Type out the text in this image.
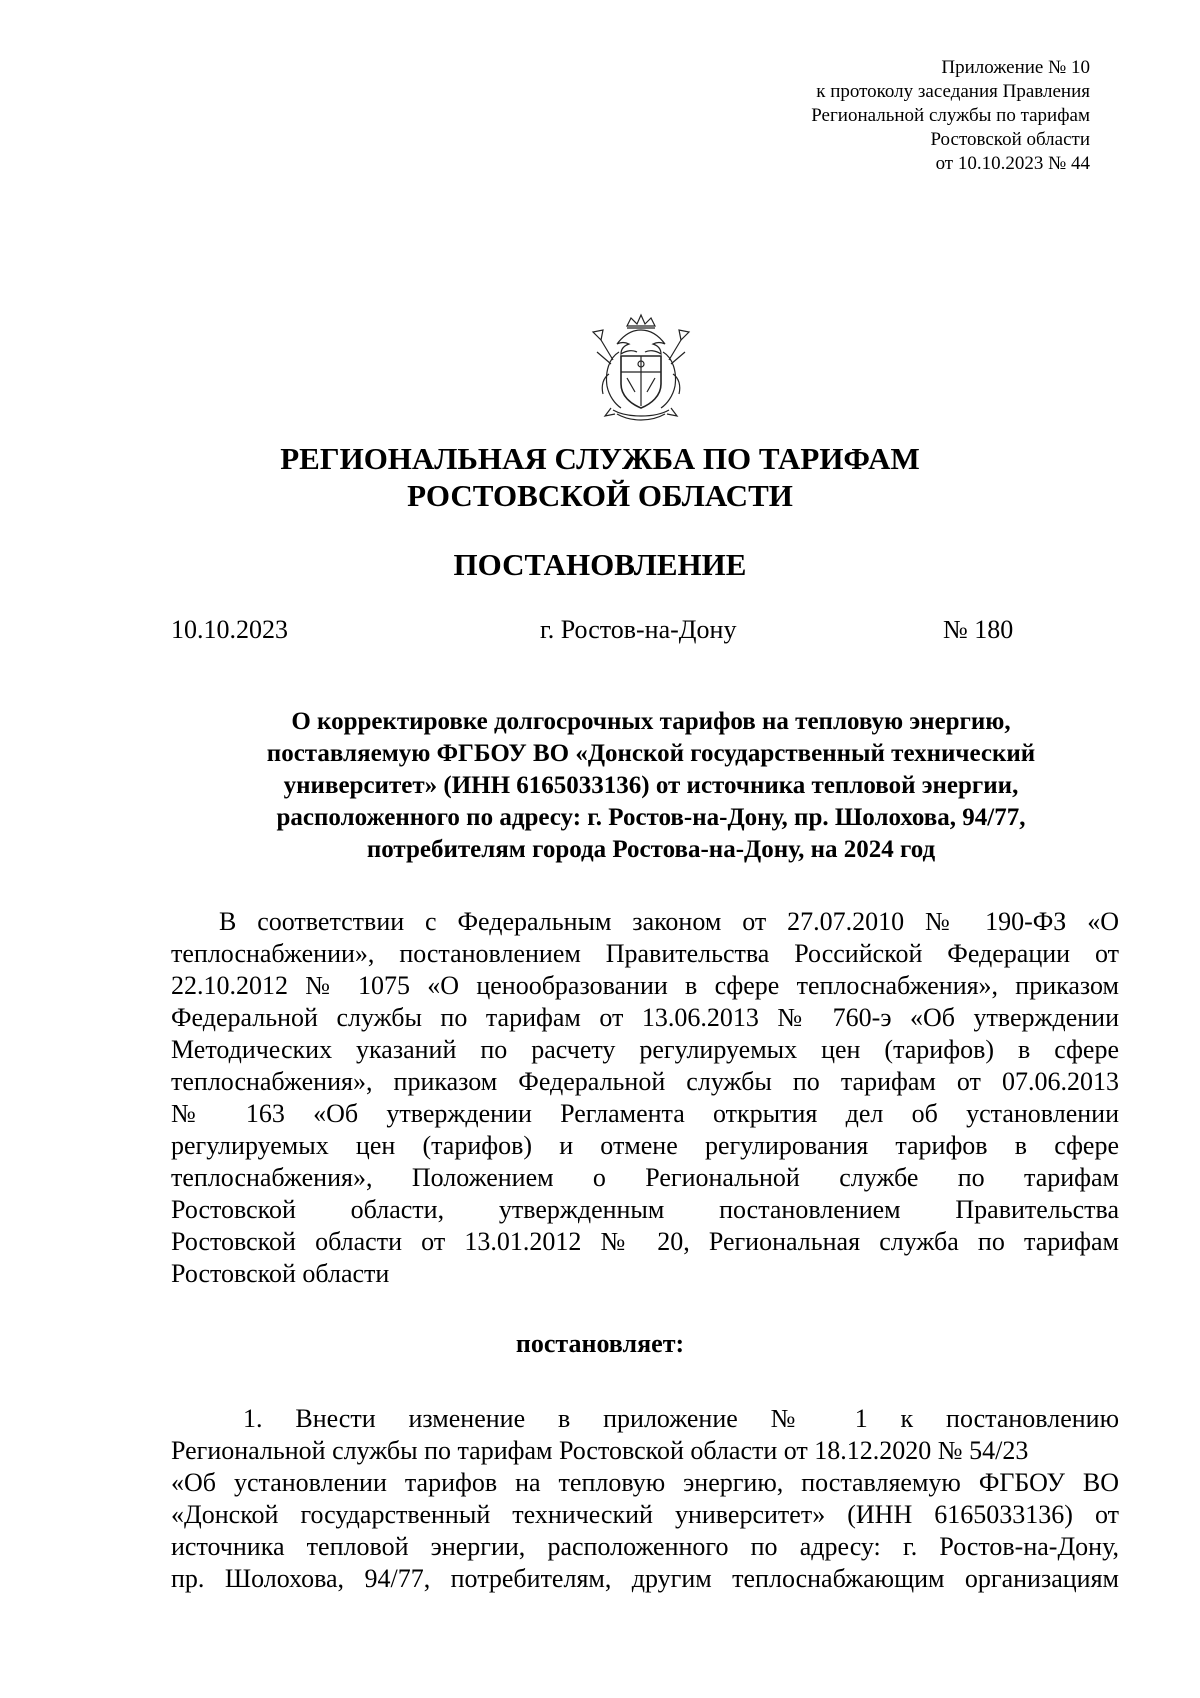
Приложение № 10
к протоколу заседания Правления
Региональной службы по тарифам
Ростовской области
от 10.10.2023 № 44
РЕГИОНАЛЬНАЯ СЛУЖБА ПО ТАРИФАМ
РОСТОВСКОЙ ОБЛАСТИ
ПОСТАНОВЛЕНИЕ
10.10.2023	г. Ростов-на-Дону	№ 180
О корректировке долгосрочных тарифов на тепловую энергию,
поставляемую ФГБОУ ВО «Донской государственный технический
университет» (ИНН 6165033136) от источника тепловой энергии,
расположенного по адресу: г. Ростов-на-Дону, пр. Шолохова, 94/77,
потребителям города Ростова-на-Дону, на 2024 год
В соответствии с Федеральным законом от 27.07.2010 № 190-ФЗ «О
теплоснабжении», постановлением Правительства Российской Федерации от
22.10.2012 № 1075 «О ценообразовании в сфере теплоснабжения», приказом
Федеральной службы по тарифам от 13.06.2013 № 760-э «Об утверждении
Методических указаний по расчету регулируемых цен (тарифов) в сфере
теплоснабжения», приказом Федеральной службы по тарифам от 07.06.2013
№ 163 «Об утверждении Регламента открытия дел об установлении
регулируемых цен (тарифов) и отмене регулирования тарифов в сфере
теплоснабжения», Положением о Региональной службе по тарифам
Ростовской области, утвержденным постановлением Правительства
Ростовской области от 13.01.2012 № 20, Региональная служба по тарифам
Ростовской области
постановляет:
1. Внести изменение в приложение № 1 к постановлению
Региональной службы по тарифам Ростовской области от 18.12.2020 № 54/23
«Об установлении тарифов на тепловую энергию, поставляемую ФГБОУ ВО
«Донской государственный технический университет» (ИНН 6165033136) от
источника тепловой энергии, расположенного по адресу: г. Ростов-на-Дону,
пр. Шолохова, 94/77, потребителям, другим теплоснабжающим организациям
